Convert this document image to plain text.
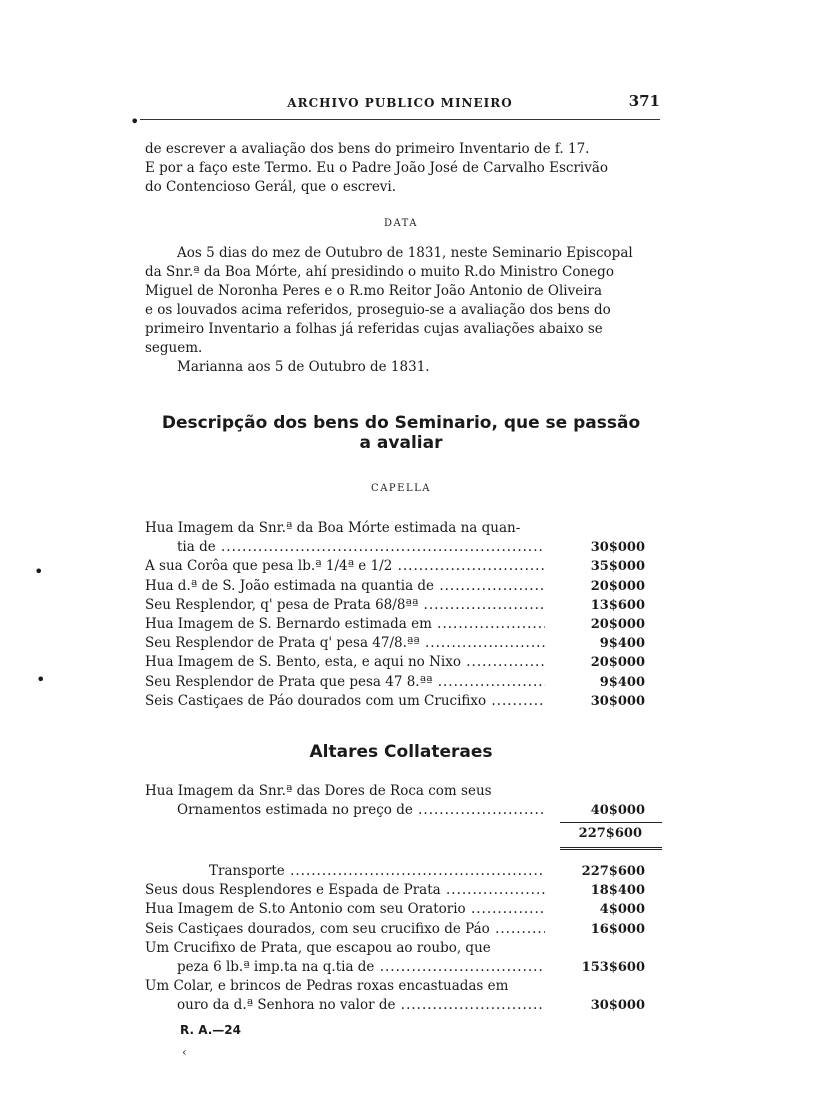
ARCHIVO PUBLICO MINEIRO	371
•
de escrever a avaliação dos bens do primeiro Inventario de f. 17.
E por a faço este Termo. Eu o Padre João José de Carvalho Escrivão
do Contencioso Gerál, que o escrevi.
DATA
Aos 5 dias do mez de Outubro de 1831, neste Seminario Episcopal
da Snr.ª da Boa Mórte, ahí presidindo o muito R.do Ministro Conego
Miguel de Noronha Peres e o R.mo Reitor João Antonio de Oliveira
e os louvados acima referidos, proseguio-se a avaliação dos bens do
primeiro Inventario a folhas já referidas cujas avaliações abaixo se
seguem.
Marianna aos 5 de Outubro de 1831.
Descripção dos bens do Seminario, que se passão
a avaliar
CAPELLA
•
•
Hua Imagem da Snr.ª da Boa Mórte estimada na quan-
tia de .....	30$000
A sua Corôa que pesa lb.ª 1/4ª e 1/2 .....	35$000
Hua d.ª de S. João estimada na quantia de .....	20$000
Seu Resplendor, q' pesa de Prata 68/8ªª .....	13$600
Hua Imagem de S. Bernardo estimada em .....	20$000
Seu Resplendor de Prata q' pesa 47/8.ªª .....	9$400
Hua Imagem de S. Bento, esta, e aqui no Nixo .....	20$000
Seu Resplendor de Prata que pesa 47 8.ªª .....	9$400
Seis Castiçaes de Páo dourados com um Crucifixo .....	30$000
Altares Collateraes
Hua Imagem da Snr.ª das Dores de Roca com seus
Ornamentos estimada no preço de .....	40$000
227$600
Transporte .....	227$600
Seus dous Resplendores e Espada de Prata .....	18$400
Hua Imagem de S.to Antonio com seu Oratorio .....	4$000
Seis Castiçaes dourados, com seu crucifixo de Páo .....	16$000
Um Crucifixo de Prata, que escapou ao roubo, que
peza 6 lb.ª imp.ta na q.tia de .....	153$600
Um Colar, e brincos de Pedras roxas encastuadas em
ouro da d.ª Senhora no valor de .....	30$000
R. A.—24
‹
